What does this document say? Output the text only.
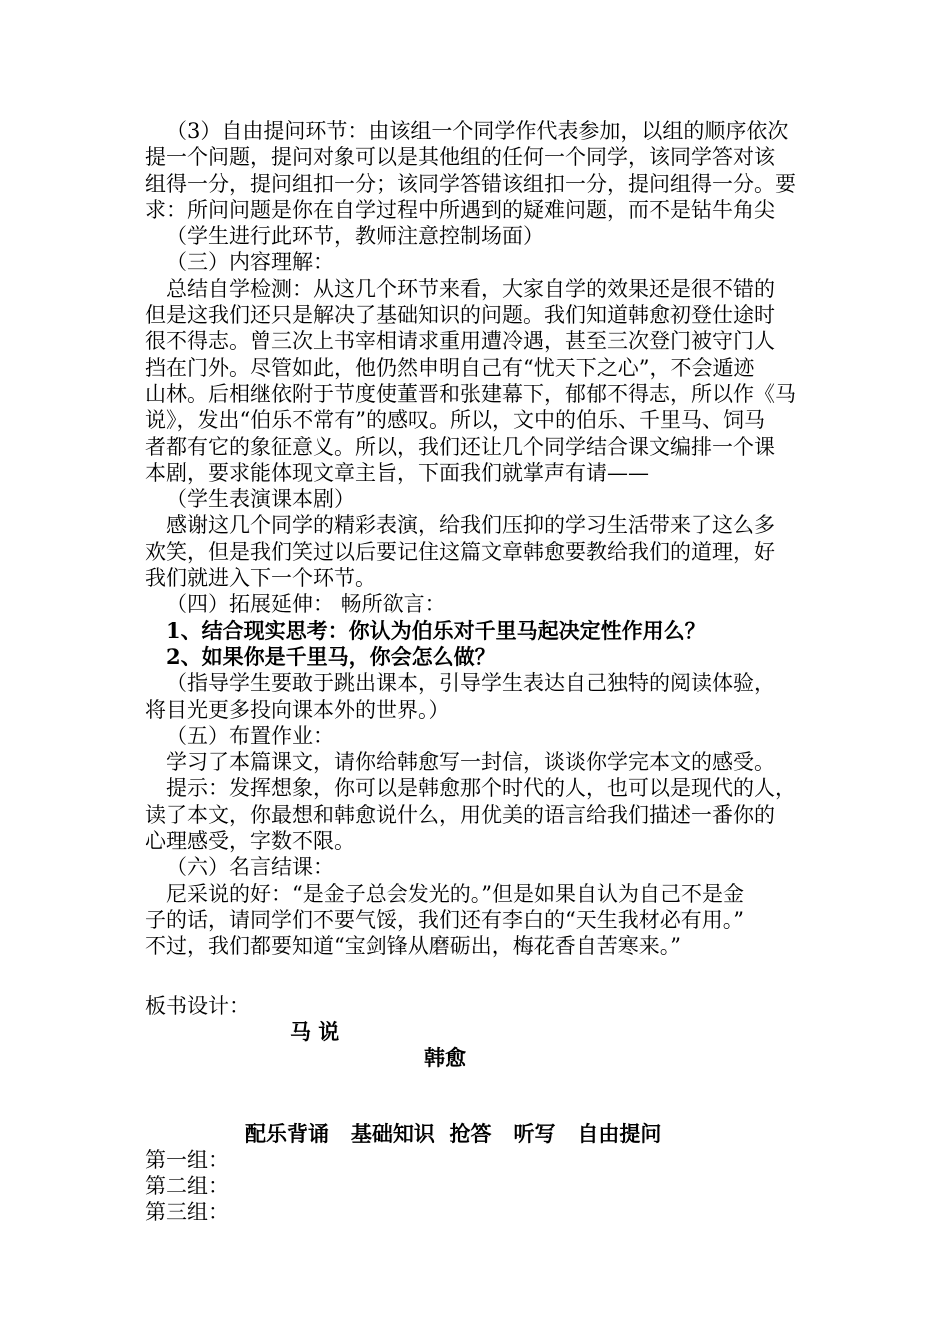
（3）自由提问环节：由该组一个同学作代表参加，以组的顺序依次
提一个问题，提问对象可以是其他组的任何一个同学，该同学答对该
组得一分，提问组扣一分；该同学答错该组扣一分，提问组得一分。要
求：所问问题是你在自学过程中所遇到的疑难问题，而不是钻牛角尖
（学生进行此环节，教师注意控制场面）
（三）内容理解：
总结自学检测：从这几个环节来看，大家自学的效果还是很不错的
但是这我们还只是解决了基础知识的问题。我们知道韩愈初登仕途时
很不得志。曾三次上书宰相请求重用遭冷遇，甚至三次登门被守门人
挡在门外。尽管如此，他仍然申明自己有“忧天下之心”，不会遁迹
山林。后相继依附于节度使董晋和张建幕下，郁郁不得志，所以作《马
说》，发出“伯乐不常有”的感叹。所以，文中的伯乐、千里马、饲马
者都有它的象征意义。所以，我们还让几个同学结合课文编排一个课
本剧，要求能体现文章主旨，下面我们就掌声有请——
（学生表演课本剧）
感谢这几个同学的精彩表演，给我们压抑的学习生活带来了这么多
欢笑，但是我们笑过以后要记住这篇文章韩愈要教给我们的道理，好
我们就进入下一个环节。
（四）拓展延伸： 畅所欲言：
1、结合现实思考：你认为伯乐对千里马起决定性作用么？
2、如果你是千里马，你会怎么做？
（指导学生要敢于跳出课本，引导学生表达自己独特的阅读体验，
将目光更多投向课本外的世界。）
（五）布置作业：
学习了本篇课文，请你给韩愈写一封信，谈谈你学完本文的感受。
提示：发挥想象，你可以是韩愈那个时代的人，也可以是现代的人，
读了本文，你最想和韩愈说什么，用优美的语言给我们描述一番你的
心理感受，字数不限。
（六）名言结课：
尼采说的好：“是金子总会发光的。”但是如果自认为自己不是金
子的话，请同学们不要气馁，我们还有李白的“天生我材必有用。”
不过，我们都要知道“宝剑锋从磨砺出，梅花香自苦寒来。”
板书设计：
马 说
韩愈
配乐背诵   基础知识  抢答   听写   自由提问
第一组：
第二组：
第三组：
